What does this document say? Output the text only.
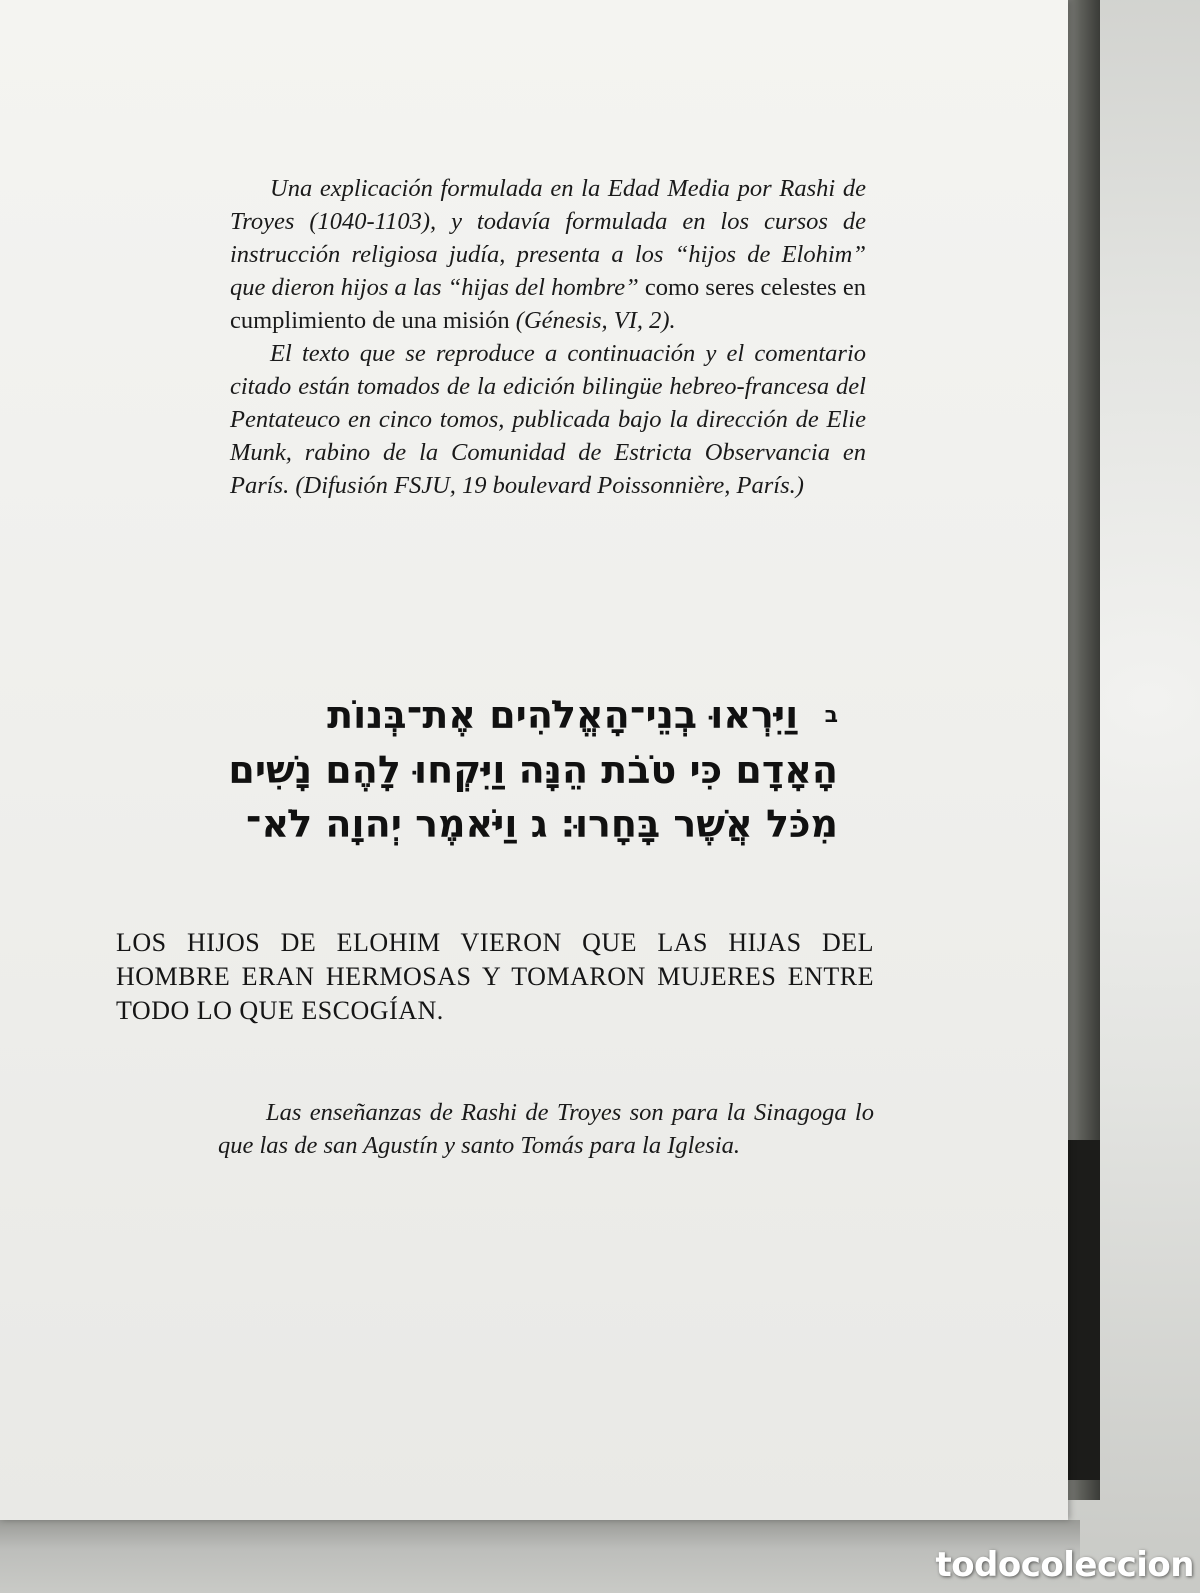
Una explicación formulada en la Edad Media por Rashi de Troyes (1040-1103), y todavía formulada en los cursos de instrucción religiosa judía, presenta a los “hijos de Elohim” que dieron hijos a las “hijas del hombre” como seres celestes en cumplimiento de una misión (Génesis, VI, 2).

El texto que se reproduce a continuación y el comentario citado están tomados de la edición bilingüe hebreo-francesa del Pentateuco en cinco tomos, publicada bajo la dirección de Elie Munk, rabino de la Comunidad de Estricta Observancia en París. (Difusión FSJU, 19 boulevard Poissonnière, París.)

ב  וַיִּרְאוּ בְנֵי־הָאֱלֹהִים אֶת־בְּנוֹת
הָאָדָם כִּי טֹבֹת הֵנָּה וַיִּקְחוּ לָהֶם נָשִׁים
מִכֹּל אֲשֶׁר בָּחָרוּ׃ ג וַיֹּאמֶר יְהוָה לֹא־
LOS HIJOS DE ELOHIM VIERON QUE LAS HIJAS DEL HOMBRE ERAN HERMOSAS Y TOMARON MUJERES ENTRE TODO LO QUE ESCOGÍAN.

Las enseñanzas de Rashi de Troyes son para la Sinagoga lo que las de san Agustín y santo Tomás para la Iglesia.

todocoleccion
